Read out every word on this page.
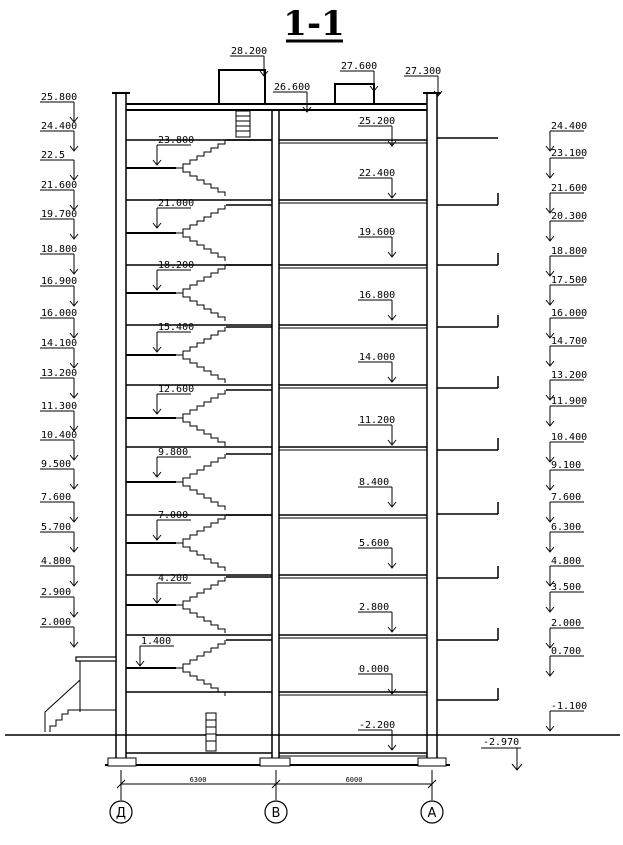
1-1
25.800
24.400
22.5
21.600
19.700
18.800
16.900
16.000
14.100
13.200
11.300
10.400
9.500
7.600
5.700
4.800
2.900
2.000
24.400
23.100
21.600
20.300
18.800
17.500
16.000
14.700
13.200
11.900
10.400
9.100
7.600
6.300
4.800
3.500
2.000
0.700
-1.100
23.800
21.000
18.200
15.400
12.600
9.800
7.000
4.200
1.400
25.200
22.400
19.600
16.800
14.000
11.200
8.400
5.600
2.800
0.000
-2.200
28.200
27.600	27.300
26.600
-2.970
6300	6000
Д	В	А
